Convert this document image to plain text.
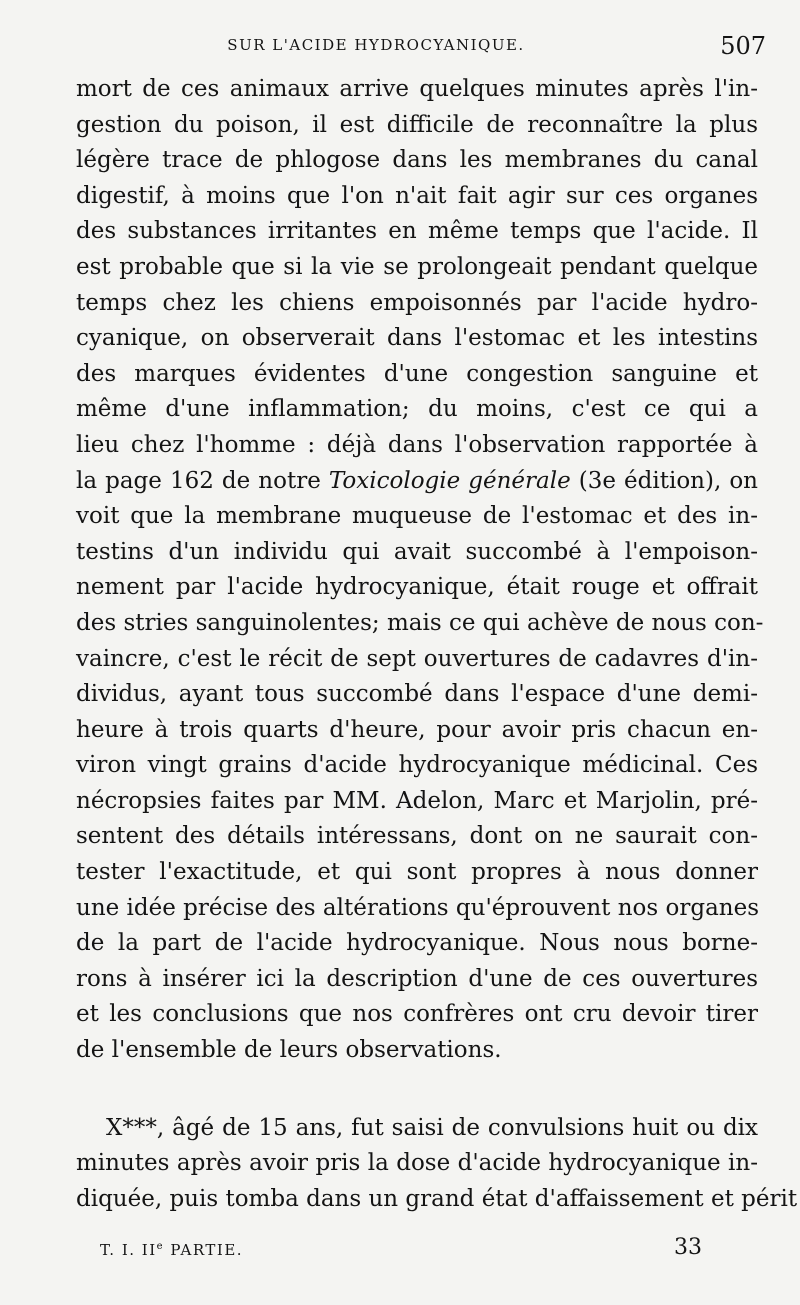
SUR L'ACIDE HYDROCYANIQUE.	507
mort de ces animaux arrive quelques minutes après l'in-
gestion du poison, il est difficile de reconnaître la plus
légère trace de phlogose dans les membranes du canal
digestif, à moins que l'on n'ait fait agir sur ces organes
des substances irritantes en même temps que l'acide. Il
est probable que si la vie se prolongeait pendant quelque
temps chez les chiens empoisonnés par l'acide hydro-
cyanique, on observerait dans l'estomac et les intestins
des marques évidentes d'une congestion sanguine et
même d'une inflammation; du moins, c'est ce qui a
lieu chez l'homme : déjà dans l'observation rapportée à
la page 162 de notre Toxicologie générale (3e édition), on
voit que la membrane muqueuse de l'estomac et des in-
testins d'un individu qui avait succombé à l'empoison-
nement par l'acide hydrocyanique, était rouge et offrait
des stries sanguinolentes; mais ce qui achève de nous con-
vaincre, c'est le récit de sept ouvertures de cadavres d'in-
dividus, ayant tous succombé dans l'espace d'une demi-
heure à trois quarts d'heure, pour avoir pris chacun en-
viron vingt grains d'acide hydrocyanique médicinal. Ces
nécropsies faites par MM. Adelon, Marc et Marjolin, pré-
sentent des détails intéressans, dont on ne saurait con-
tester l'exactitude, et qui sont propres à nous donner
une idée précise des altérations qu'éprouvent nos organes
de la part de l'acide hydrocyanique. Nous nous borne-
rons à insérer ici la description d'une de ces ouvertures
et les conclusions que nos confrères ont cru devoir tirer
de l'ensemble de leurs observations.
X***, âgé de 15 ans, fut saisi de convulsions huit ou dix
minutes après avoir pris la dose d'acide hydrocyanique in-
diquée, puis tomba dans un grand état d'affaissement et périt
T. I. IIe PARTIE.	33
